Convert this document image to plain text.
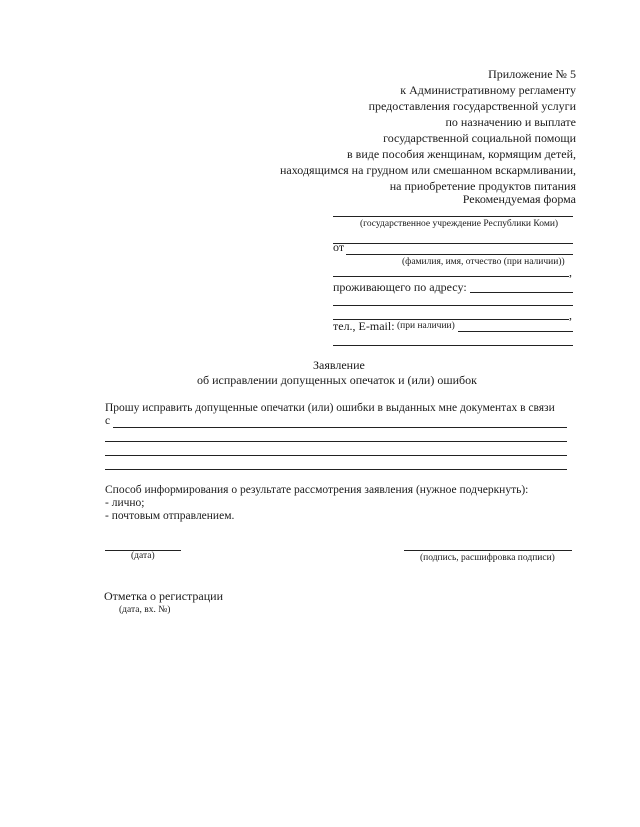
Приложение № 5
к Административному регламенту
предоставления государственной услуги
по назначению и выплате
государственной социальной помощи
в виде пособия женщинам, кормящим детей,
находящимся на грудном или смешанном вскармливании,
на приобретение продуктов питания
Рекомендуемая форма
(государственное учреждение Республики Коми)
от
(фамилия, имя, отчество (при наличии))
,
проживающего по адресу:
,
тел., E-mail: (при наличии)
Заявление
об исправлении допущенных опечаток и (или) ошибок
Прошу исправить допущенные опечатки (или) ошибки в выданных мне документах в связи
с
Способ информирования о результате рассмотрения заявления (нужное подчеркнуть):
- лично;
- почтовым отправлением.
(дата)	(подпись, расшифровка подписи)
Отметка о регистрации
(дата, вх. №)
